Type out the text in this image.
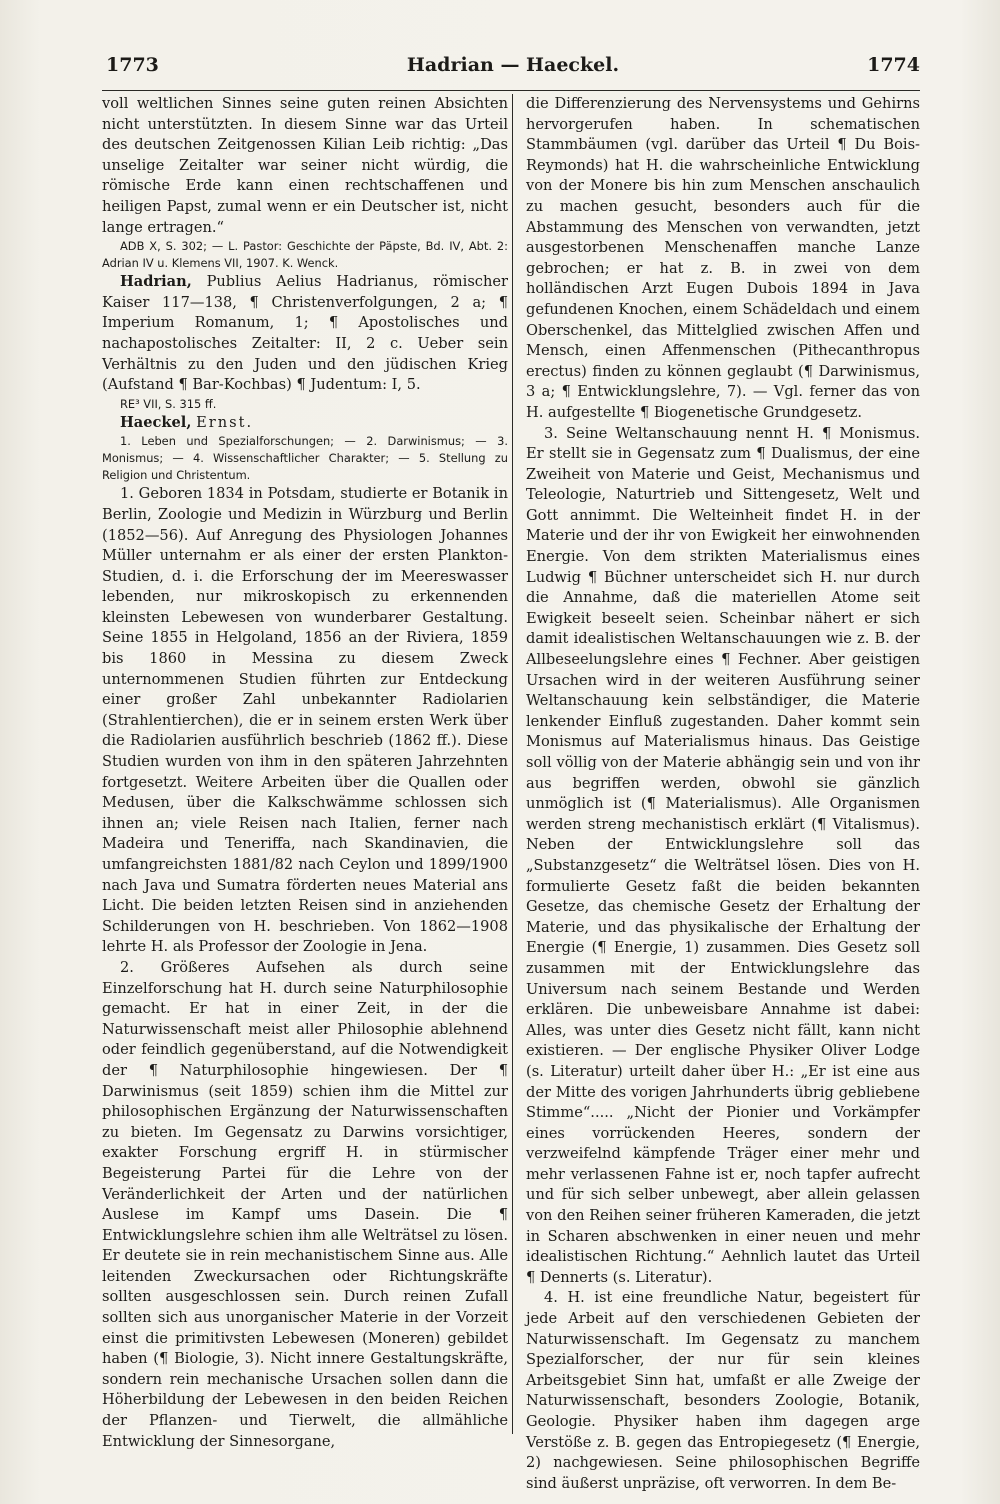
1773	Hadrian — Haeckel.	1774

voll weltlichen Sinnes seine guten reinen Absichten nicht unterstützten. In diesem Sinne war das Urteil des deutschen Zeitgenossen Kilian Leib richtig: „Das unselige Zeitalter war seiner nicht würdig, die römische Erde kann einen rechtschaffenen und heiligen Papst, zumal wenn er ein Deutscher ist, nicht lange ertragen.“

ADB X, S. 302; — L. Pastor: Geschichte der Päpste, Bd. IV, Abt. 2: Adrian IV u. Klemens VII, 1907. K. Wenck.

Hadrian, Publius Aelius Hadrianus, römischer Kaiser 117—138, ¶ Christenverfolgungen, 2 a; ¶ Imperium Romanum, 1; ¶ Apostolisches und nachapostolisches Zeitalter: II, 2 c. Ueber sein Verhältnis zu den Juden und den jüdischen Krieg (Aufstand ¶ Bar-Kochbas) ¶ Judentum: I, 5.

RE³ VII, S. 315 ff.

Haeckel, Ernst.

1. Leben und Spezialforschungen; — 2. Darwinismus; — 3. Monismus; — 4. Wissenschaftlicher Charakter; — 5. Stellung zu Religion und Christentum.

1. Geboren 1834 in Potsdam, studierte er Botanik in Berlin, Zoologie und Medizin in Würzburg und Berlin (1852—56). Auf Anregung des Physiologen Johannes Müller unternahm er als einer der ersten Plankton-Studien, d. i. die Erforschung der im Meereswasser lebenden, nur mikroskopisch zu erkennenden kleinsten Lebewesen von wunderbarer Gestaltung. Seine 1855 in Helgoland, 1856 an der Riviera, 1859 bis 1860 in Messina zu diesem Zweck unternommenen Studien führten zur Entdeckung einer großer Zahl unbekannter Radiolarien (Strahlentierchen), die er in seinem ersten Werk über die Radiolarien ausführlich beschrieb (1862 ff.). Diese Studien wurden von ihm in den späteren Jahrzehnten fortgesetzt. Weitere Arbeiten über die Quallen oder Medusen, über die Kalkschwämme schlossen sich ihnen an; viele Reisen nach Italien, ferner nach Madeira und Teneriffa, nach Skandinavien, die umfangreichsten 1881/82 nach Ceylon und 1899/1900 nach Java und Sumatra förderten neues Material ans Licht. Die beiden letzten Reisen sind in anziehenden Schilderungen von H. beschrieben. Von 1862—1908 lehrte H. als Professor der Zoologie in Jena.

2. Größeres Aufsehen als durch seine Einzelforschung hat H. durch seine Naturphilosophie gemacht. Er hat in einer Zeit, in der die Naturwissenschaft meist aller Philosophie ablehnend oder feindlich gegenüberstand, auf die Notwendigkeit der ¶ Naturphilosophie hingewiesen. Der ¶ Darwinismus (seit 1859) schien ihm die Mittel zur philosophischen Ergänzung der Naturwissenschaften zu bieten. Im Gegensatz zu Darwins vorsichtiger, exakter Forschung ergriff H. in stürmischer Begeisterung Partei für die Lehre von der Veränderlichkeit der Arten und der natürlichen Auslese im Kampf ums Dasein. Die ¶ Entwicklungslehre schien ihm alle Welträtsel zu lösen. Er deutete sie in rein mechanistischem Sinne aus. Alle leitenden Zweckursachen oder Richtungskräfte sollten ausgeschlossen sein. Durch reinen Zufall sollten sich aus unorganischer Materie in der Vorzeit einst die primitivsten Lebewesen (Moneren) gebildet haben (¶ Biologie, 3). Nicht innere Gestaltungskräfte, sondern rein mechanische Ursachen sollen dann die Höherbildung der Lebewesen in den beiden Reichen der Pflanzen- und Tierwelt, die allmähliche Entwicklung der Sinnesorgane,

die Differenzierung des Nervensystems und Gehirns hervorgerufen haben. In schematischen Stammbäumen (vgl. darüber das Urteil ¶ Du Bois-Reymonds) hat H. die wahrscheinliche Entwicklung von der Monere bis hin zum Menschen anschaulich zu machen gesucht, besonders auch für die Abstammung des Menschen von verwandten, jetzt ausgestorbenen Menschenaffen manche Lanze gebrochen; er hat z. B. in zwei von dem holländischen Arzt Eugen Dubois 1894 in Java gefundenen Knochen, einem Schädeldach und einem Oberschenkel, das Mittelglied zwischen Affen und Mensch, einen Affenmenschen (Pithecanthropus erectus) finden zu können geglaubt (¶ Darwinismus, 3 a; ¶ Entwicklungslehre, 7). — Vgl. ferner das von H. aufgestellte ¶ Biogenetische Grundgesetz.

3. Seine Weltanschauung nennt H. ¶ Monismus. Er stellt sie in Gegensatz zum ¶ Dualismus, der eine Zweiheit von Materie und Geist, Mechanismus und Teleologie, Naturtrieb und Sittengesetz, Welt und Gott annimmt. Die Welteinheit findet H. in der Materie und der ihr von Ewigkeit her einwohnenden Energie. Von dem strikten Materialismus eines Ludwig ¶ Büchner unterscheidet sich H. nur durch die Annahme, daß die materiellen Atome seit Ewigkeit beseelt seien. Scheinbar nähert er sich damit idealistischen Weltanschauungen wie z. B. der Allbeseelungslehre eines ¶ Fechner. Aber geistigen Ursachen wird in der weiteren Ausführung seiner Weltanschauung kein selbständiger, die Materie lenkender Einfluß zugestanden. Daher kommt sein Monismus auf Materialismus hinaus. Das Geistige soll völlig von der Materie abhängig sein und von ihr aus begriffen werden, obwohl sie gänzlich unmöglich ist (¶ Materialismus). Alle Organismen werden streng mechanistisch erklärt (¶ Vitalismus). Neben der Entwicklungslehre soll das „Substanzgesetz“ die Welträtsel lösen. Dies von H. formulierte Gesetz faßt die beiden bekannten Gesetze, das chemische Gesetz der Erhaltung der Materie, und das physikalische der Erhaltung der Energie (¶ Energie, 1) zusammen. Dies Gesetz soll zusammen mit der Entwicklungslehre das Universum nach seinem Bestande und Werden erklären. Die unbeweisbare Annahme ist dabei: Alles, was unter dies Gesetz nicht fällt, kann nicht existieren. — Der englische Physiker Oliver Lodge (s. Literatur) urteilt daher über H.: „Er ist eine aus der Mitte des vorigen Jahrhunderts übrig gebliebene Stimme“..... „Nicht der Pionier und Vorkämpfer eines vorrückenden Heeres, sondern der verzweifelnd kämpfende Träger einer mehr und mehr verlassenen Fahne ist er, noch tapfer aufrecht und für sich selber unbewegt, aber allein gelassen von den Reihen seiner früheren Kameraden, die jetzt in Scharen abschwenken in einer neuen und mehr idealistischen Richtung.“ Aehnlich lautet das Urteil ¶ Dennerts (s. Literatur).

4. H. ist eine freundliche Natur, begeistert für jede Arbeit auf den verschiedenen Gebieten der Naturwissenschaft. Im Gegensatz zu manchem Spezialforscher, der nur für sein kleines Arbeitsgebiet Sinn hat, umfaßt er alle Zweige der Naturwissenschaft, besonders Zoologie, Botanik, Geologie. Physiker haben ihm dagegen arge Verstöße z. B. gegen das Entropiegesetz (¶ Energie, 2) nachgewiesen. Seine philosophischen Begriffe sind äußerst unpräzise, oft verworren. In dem Be-
